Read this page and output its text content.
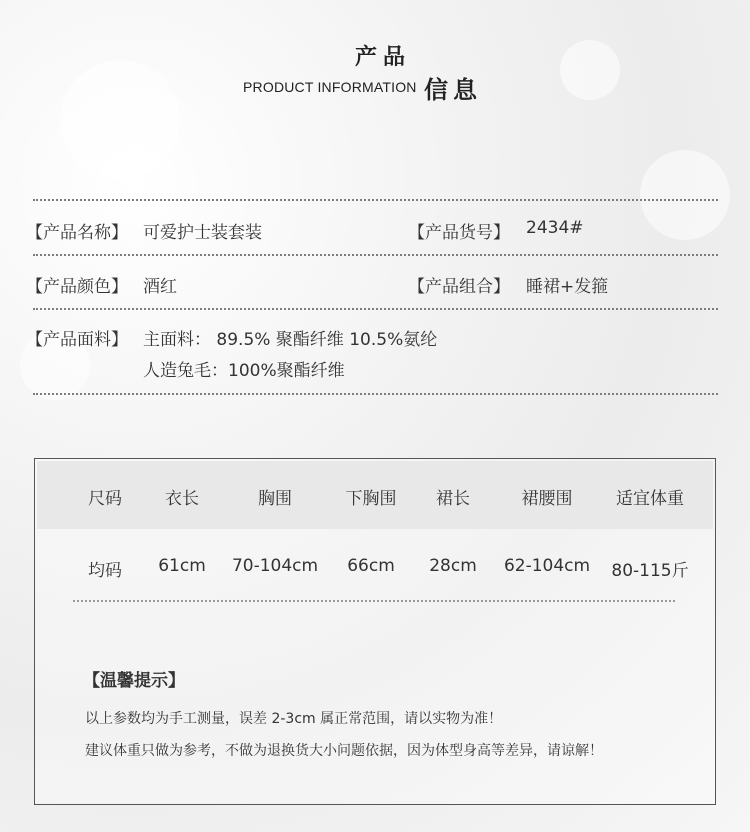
产品
PRODUCT INFORMATION 信息
【产品名称】 可爱护士装套装	【产品货号】 2434#
【产品颜色】 酒红	【产品组合】 睡裙+发箍
【产品面料】 主面料： 89.5% 聚酯纤维 10.5%氨纶
人造兔毛：100%聚酯纤维
尺码	衣长	胸围	下胸围 裙长	裙腰围	适宜体重
均码 61cm 70-104cm 66cm 28cm 62-104cm 80-115斤
【温馨提示】
以上参数均为手工测量，误差 2-3cm 属正常范围，请以实物为准！
建议体重只做为参考，不做为退换货大小问题依据，因为体型身高等差异，请谅解！
